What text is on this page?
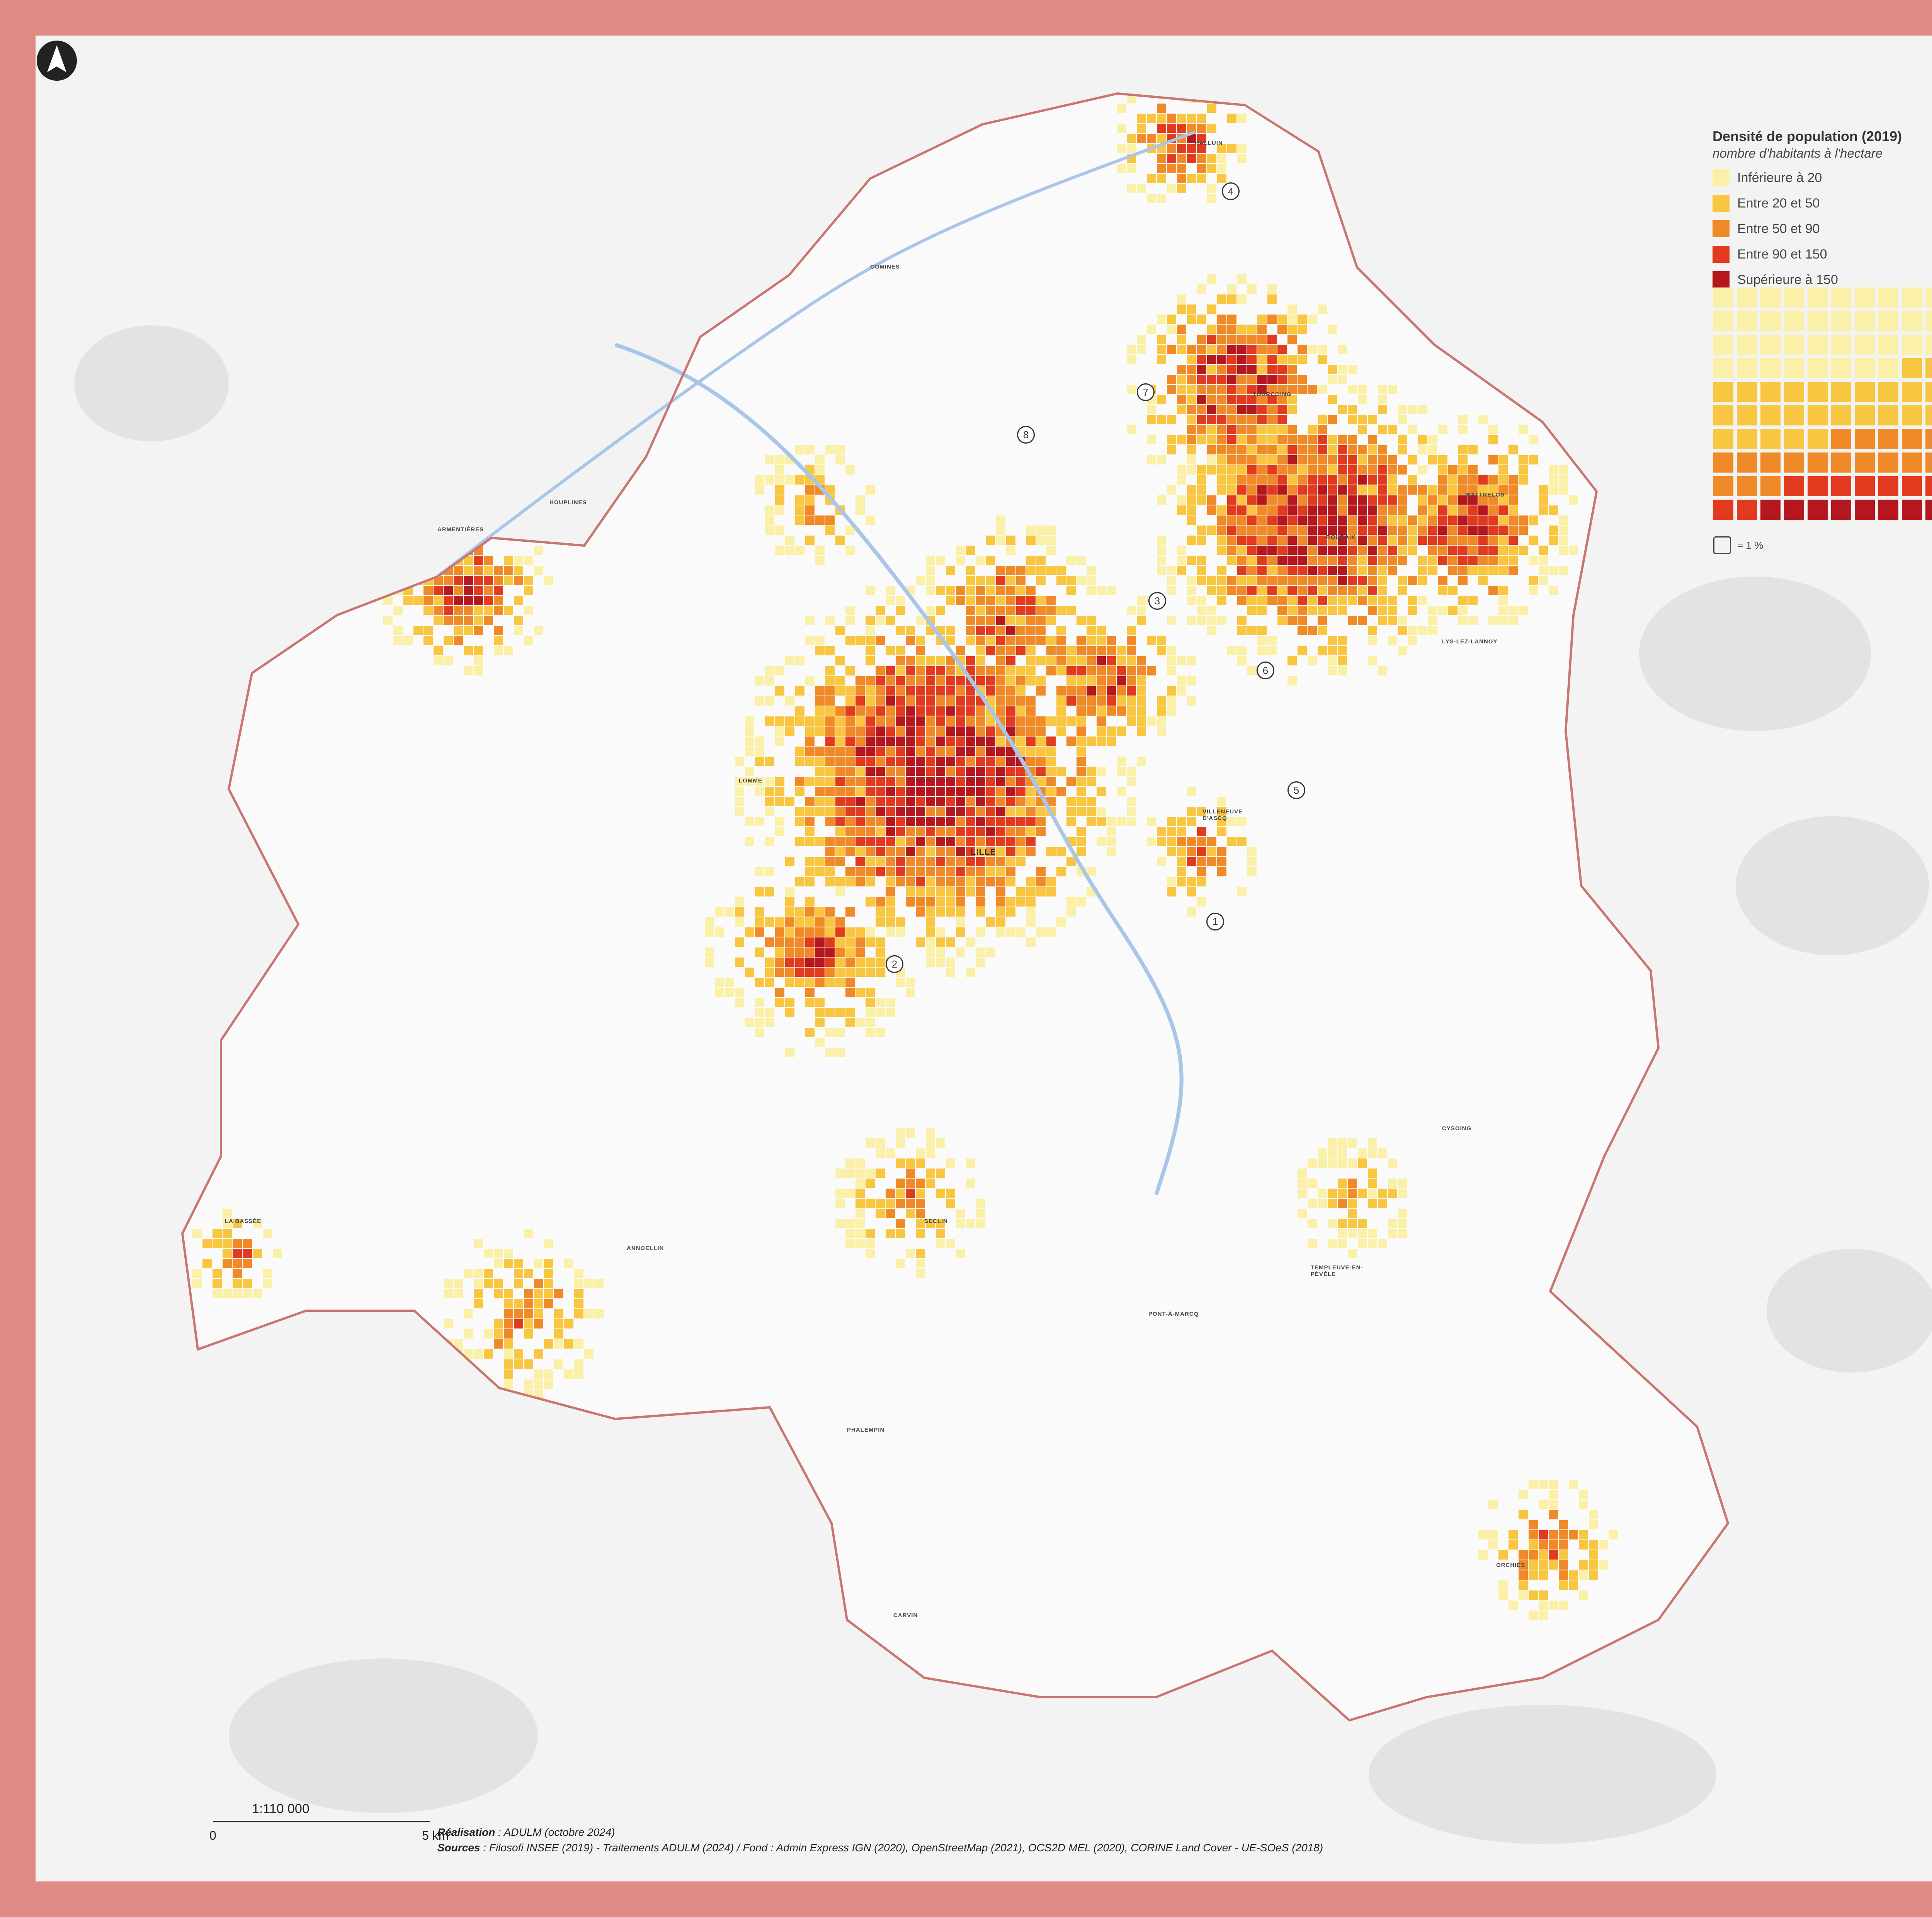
HALLUIN
COMINES
ARMENTIÈRES
ROUBAIX
TOURCOING
VILLENEUVE D'ASCQ
LILLE
SECLIN
LA BASSÉE
ANNOELLIN
PHALEMPIN
TEMPLEUVE-EN-PÉVÈLE
CYSOING
ORCHIES
PONT-À-MARCQ
CARVIN
HOUPLINES
LOMME
WATTRELOS
LYS-LEZ-LANNOY
1
2
3
4
5
6
7
8
Densité de population (2019)
nombre d'habitants à l'hectare
Inférieure à 20
Entre 20 et 50
Entre 50 et 90
Entre 90 et 150
Supérieure à 150
= 1 %
1:110 000
0	5 km
Réalisation : ADULM (octobre 2024)
Sources : Filosofi INSEE (2019) - Traitements ADULM (2024) / Fond : Admin Express IGN (2020), OpenStreetMap (2021), OCS2D MEL (2020), CORINE Land Cover - UE-SOeS (2018)
